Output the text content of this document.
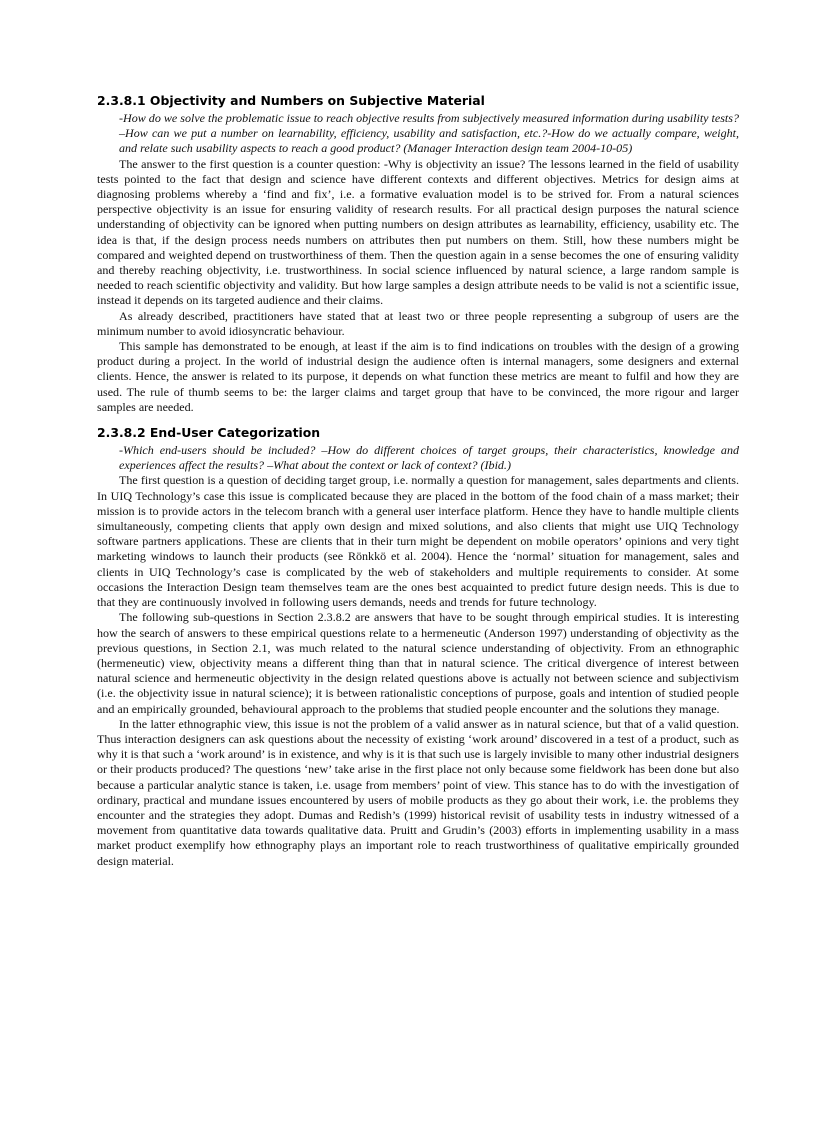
2.3.8.1 Objectivity and Numbers on Subjective Material

-How do we solve the problematic issue to reach objective results from subjectively measured information during usability tests? –How can we put a number on learnability, efficiency, usability and satisfaction, etc.?-How do we actually compare, weight, and relate such usability aspects to reach a good product? (Manager Interaction design team 2004-10-05)

The answer to the first question is a counter question: -Why is objectivity an issue? The lessons learned in the field of usability tests pointed to the fact that design and science have different contexts and different objectives. Metrics for design aims at diagnosing problems whereby a ‘find and fix’, i.e. a formative evaluation model is to be strived for. From a natural sciences perspective objectivity is an issue for ensuring validity of research results. For all practical design purposes the natural science understanding of objectivity can be ignored when putting numbers on design attributes as learnability, efficiency, usability etc. The idea is that, if the design process needs numbers on attributes then put numbers on them. Still, how these numbers might be compared and weighted depend on trustworthiness of them. Then the question again in a sense becomes the one of ensuring validity and thereby reaching objectivity, i.e. trustworthiness. In social science influenced by natural science, a large random sample is needed to reach scientific objectivity and validity. But how large samples a design attribute needs to be valid is not a scientific issue, instead it depends on its targeted audience and their claims.

As already described, practitioners have stated that at least two or three people representing a subgroup of users are the minimum number to avoid idiosyncratic behaviour.

This sample has demonstrated to be enough, at least if the aim is to find indications on troubles with the design of a growing product during a project. In the world of industrial design the audience often is internal managers, some designers and external clients. Hence, the answer is related to its purpose, it depends on what function these metrics are meant to fulfil and how they are used. The rule of thumb seems to be: the larger claims and target group that have to be convinced, the more rigour and larger samples are needed.

2.3.8.2 End-User Categorization

-Which end-users should be included? –How do different choices of target groups, their characteristics, knowledge and experiences affect the results? –What about the context or lack of context? (Ibid.)

The first question is a question of deciding target group, i.e. normally a question for management, sales departments and clients. In UIQ Technology’s case this issue is complicated because they are placed in the bottom of the food chain of a mass market; their mission is to provide actors in the telecom branch with a general user interface platform. Hence they have to handle multiple clients simultaneously, competing clients that apply own design and mixed solutions, and also clients that might use UIQ Technology software partners applications. These are clients that in their turn might be dependent on mobile operators’ opinions and very tight marketing windows to launch their products (see Rönkkö et al. 2004). Hence the ‘normal’ situation for management, sales and clients in UIQ Technology’s case is complicated by the web of stakeholders and multiple requirements to consider. At some occasions the Interaction Design team themselves team are the ones best acquainted to predict future design needs. This is due to that they are continuously involved in following users demands, needs and trends for future technology.

The following sub-questions in Section 2.3.8.2 are answers that have to be sought through empirical studies. It is interesting how the search of answers to these empirical questions relate to a hermeneutic (Anderson 1997) understanding of objectivity as the previous questions, in Section 2.1, was much related to the natural science understanding of objectivity. From an ethnographic (hermeneutic) view, objectivity means a different thing than that in natural science. The critical divergence of interest between natural science and hermeneutic objectivity in the design related questions above is actually not between science and subjectivism (i.e. the objectivity issue in natural science); it is between rationalistic conceptions of purpose, goals and intention of studied people and an empirically grounded, behavioural approach to the problems that studied people encounter and the solutions they manage.

In the latter ethnographic view, this issue is not the problem of a valid answer as in natural science, but that of a valid question. Thus interaction designers can ask questions about the necessity of existing ‘work around’ discovered in a test of a product, such as why it is that such a ‘work around’ is in existence, and why is it is that such use is largely invisible to many other industrial designers or their products produced? The questions ‘new’ take arise in the first place not only because some fieldwork has been done but also because a particular analytic stance is taken, i.e. usage from members’ point of view. This stance has to do with the investigation of ordinary, practical and mundane issues encountered by users of mobile products as they go about their work, i.e. the problems they encounter and the strategies they adopt. Dumas and Redish’s (1999) historical revisit of usability tests in industry witnessed of a movement from quantitative data towards qualitative data. Pruitt and Grudin’s (2003) efforts in implementing usability in a mass market product exemplify how ethnography plays an important role to reach trustworthiness of qualitative empirically grounded design material.
